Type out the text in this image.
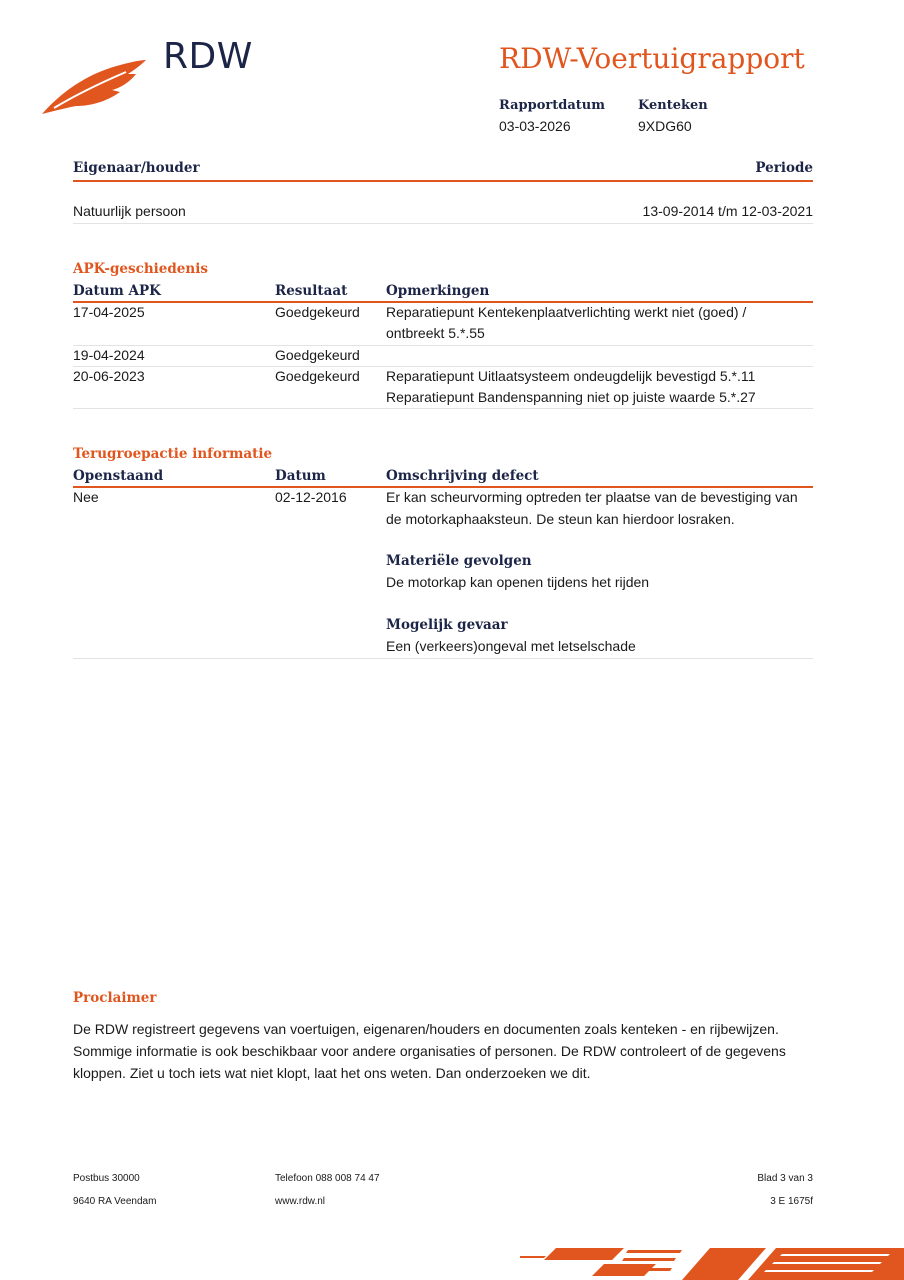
RDW	RDW-Voertuigrapport
Rapportdatum
03-03-2026
Kenteken
9XDG60
Eigenaar/houder	Periode
Natuurlijk persoon	13-09-2014 t/m 12-03-2021
APK-geschiedenis
Datum APK	Resultaat	Opmerkingen
17-04-2025	Goedgekeurd Reparatiepunt Kentekenplaatverlichting werkt niet (goed) /
ontbreekt 5.*.55
19-04-2024	Goedgekeurd
20-06-2023	Goedgekeurd Reparatiepunt Uitlaatsysteem ondeugdelijk bevestigd 5.*.11
Reparatiepunt Bandenspanning niet op juiste waarde 5.*.27
Terugroepactie informatie
Openstaand	Datum	Omschrijving defect
Nee	02-12-2016	Er kan scheurvorming optreden ter plaatse van de bevestiging van
de motorkaphaaksteun. De steun kan hierdoor losraken.
Materiële gevolgen
De motorkap kan openen tijdens het rijden
Mogelijk gevaar
Een (verkeers)ongeval met letselschade
Proclaimer
De RDW registreert gegevens van voertuigen, eigenaren/houders en documenten zoals kenteken - en rijbewijzen.
Sommige informatie is ook beschikbaar voor andere organisaties of personen. De RDW controleert of de gegevens
kloppen. Ziet u toch iets wat niet klopt, laat het ons weten. Dan onderzoeken we dit.
Postbus 30000
9640 RA Veendam
Telefoon 088 008 74 47
www.rdw.nl
Blad 3 van 3
3 E 1675f
